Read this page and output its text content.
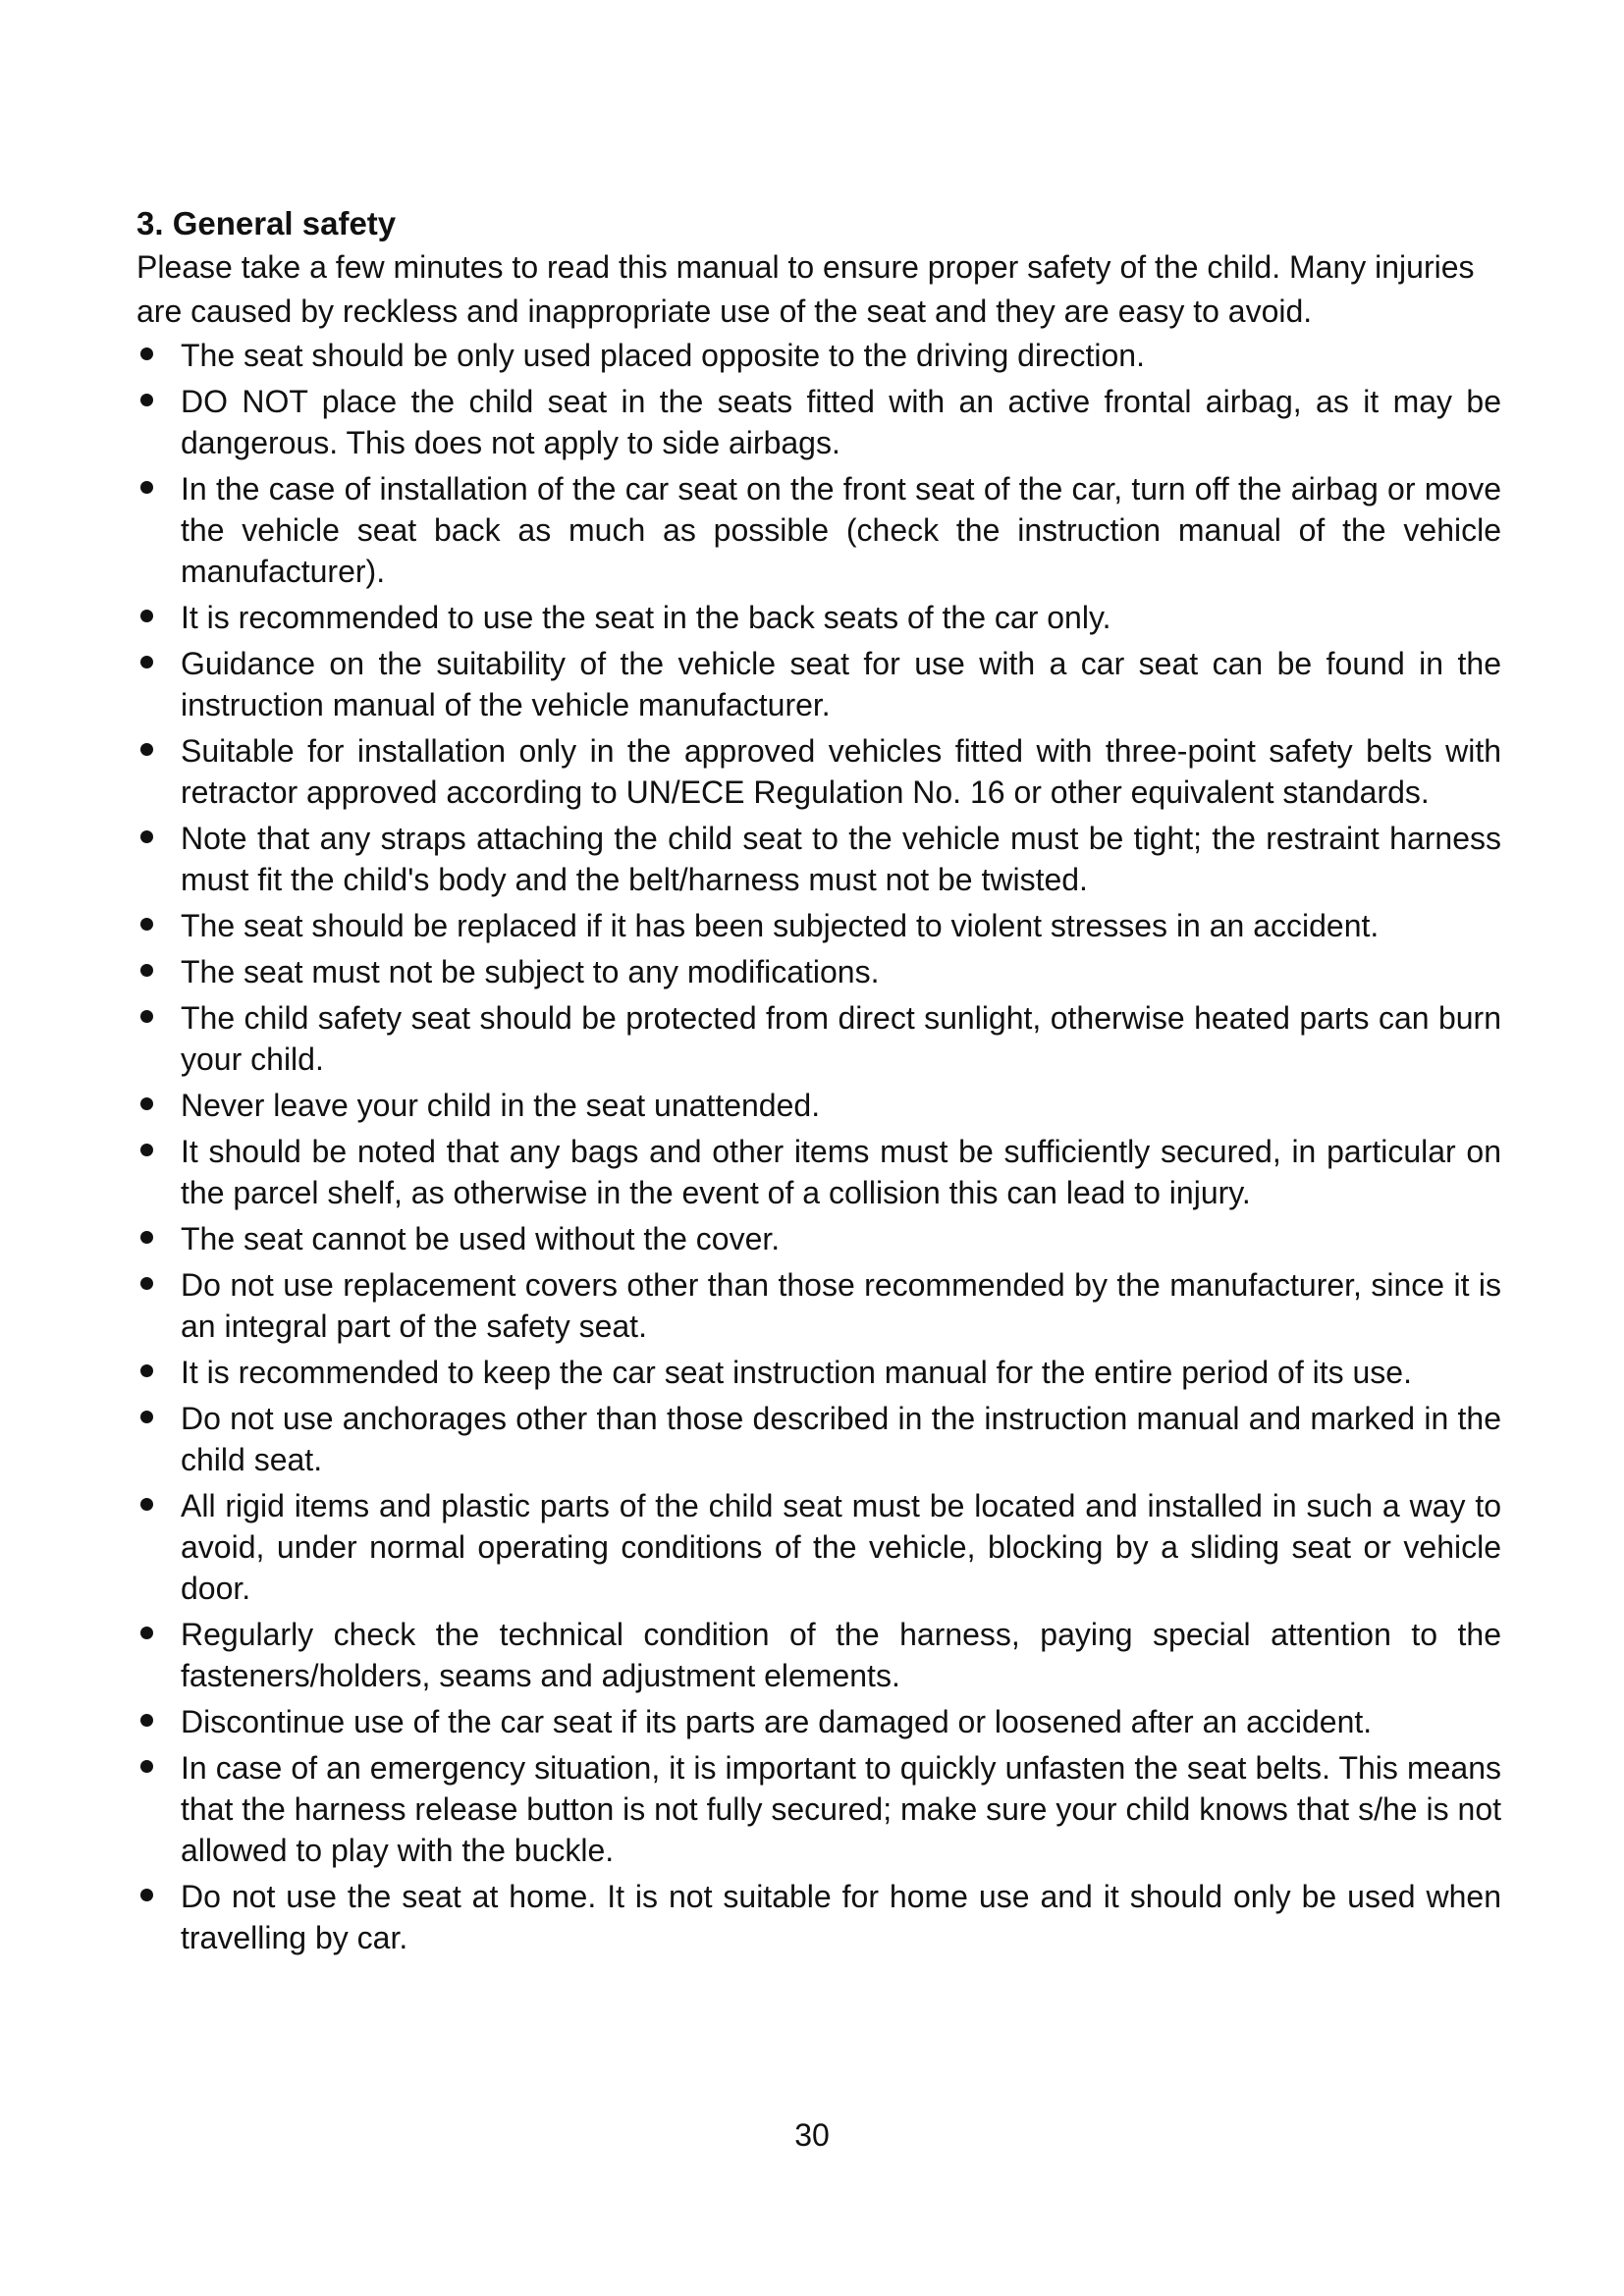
3. General safety
Please take a few minutes to read this manual to ensure proper safety of the child. Many injuries are caused by reckless and inappropriate use of the seat and they are easy to avoid.
The seat should be only used placed opposite to the driving direction.
DO NOT place the child seat in the seats fitted with an active frontal airbag, as it may be dangerous. This does not apply to side airbags.
In the case of installation of the car seat on the front seat of the car, turn off the airbag or move the vehicle seat back as much as possible (check the instruction manual of the vehicle manufacturer).
It is recommended to use the seat in the back seats of the car only.
Guidance on the suitability of the vehicle seat for use with a car seat can be found in the instruction manual of the vehicle manufacturer.
Suitable for installation only in the approved vehicles fitted with three-point safety belts with retractor approved according to UN/ECE Regulation No. 16 or other equivalent standards.
Note that any straps attaching the child seat to the vehicle must be tight; the restraint harness must fit the child's body and the belt/harness must not be twisted.
The seat should be replaced if it has been subjected to violent stresses in an accident.
The seat must not be subject to any modifications.
The child safety seat should be protected from direct sunlight, otherwise heated parts can burn your child.
Never leave your child in the seat unattended.
It should be noted that any bags and other items must be sufficiently secured, in particular on the parcel shelf, as otherwise in the event of a collision this can lead to injury.
The seat cannot be used without the cover.
Do not use replacement covers other than those recommended by the manufacturer, since it is an integral part of the safety seat.
It is recommended to keep the car seat instruction manual for the entire period of its use.
Do not use anchorages other than those described in the instruction manual and marked in the child seat.
All rigid items and plastic parts of the child seat must be located and installed in such a way to avoid, under normal operating conditions of the vehicle, blocking by a sliding seat or vehicle door.
Regularly check the technical condition of the harness, paying special attention to the fasteners/holders, seams and adjustment elements.
Discontinue use of the car seat if its parts are damaged or loosened after an accident.
In case of an emergency situation, it is important to quickly unfasten the seat belts. This means that the harness release button is not fully secured; make sure your child knows that s/he is not allowed to play with the buckle.
Do not use the seat at home. It is not suitable for home use and it should only be used when travelling by car.
30
